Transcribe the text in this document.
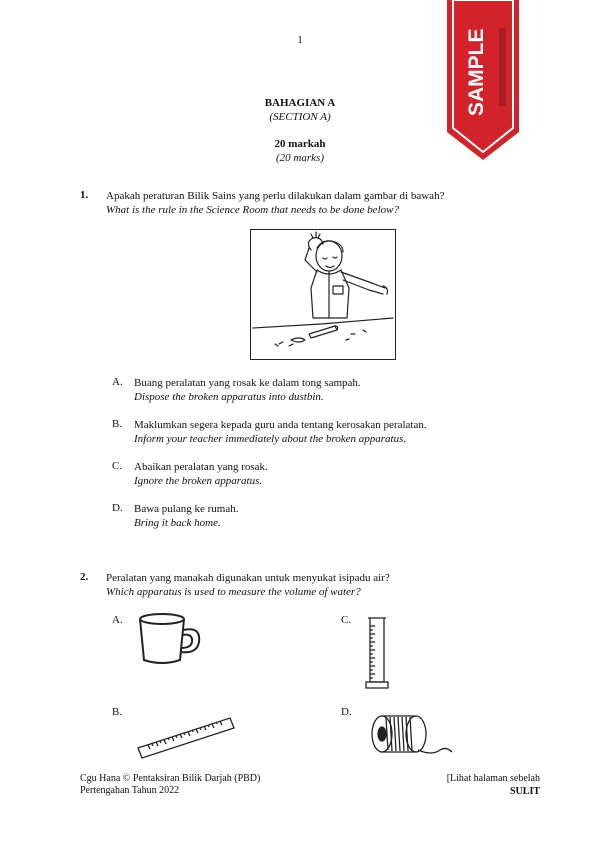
1	SAMPLE
BAHAGIAN A
(SECTION A)
20 markah
(20 marks)
1. Apakah peraturan Bilik Sains yang perlu dilakukan dalam gambar di bawah?
What is the rule in the Science Room that needs to be done below?
A. Buang peralatan yang rosak ke dalam tong sampah.
Dispose the broken apparatus into dustbin.
B. Maklumkan segera kepada guru anda tentang kerosakan peralatan.
Inform your teacher immediately about the broken apparatus.
C. Abaikan peralatan yang rosak.
Ignore the broken apparatus.
D. Bawa pulang ke rumah.
Bring it back home.
2. Peralatan yang manakah digunakan untuk menyukat isipadu air?
Which apparatus is used to measure the volume of water?
A.	C.
B.	D.
Cgu Hana © Pentaksiran Bilik Darjah (PBD)
Pertengahan Tahun 2022
[Lihat halaman sebelah
SULIT
